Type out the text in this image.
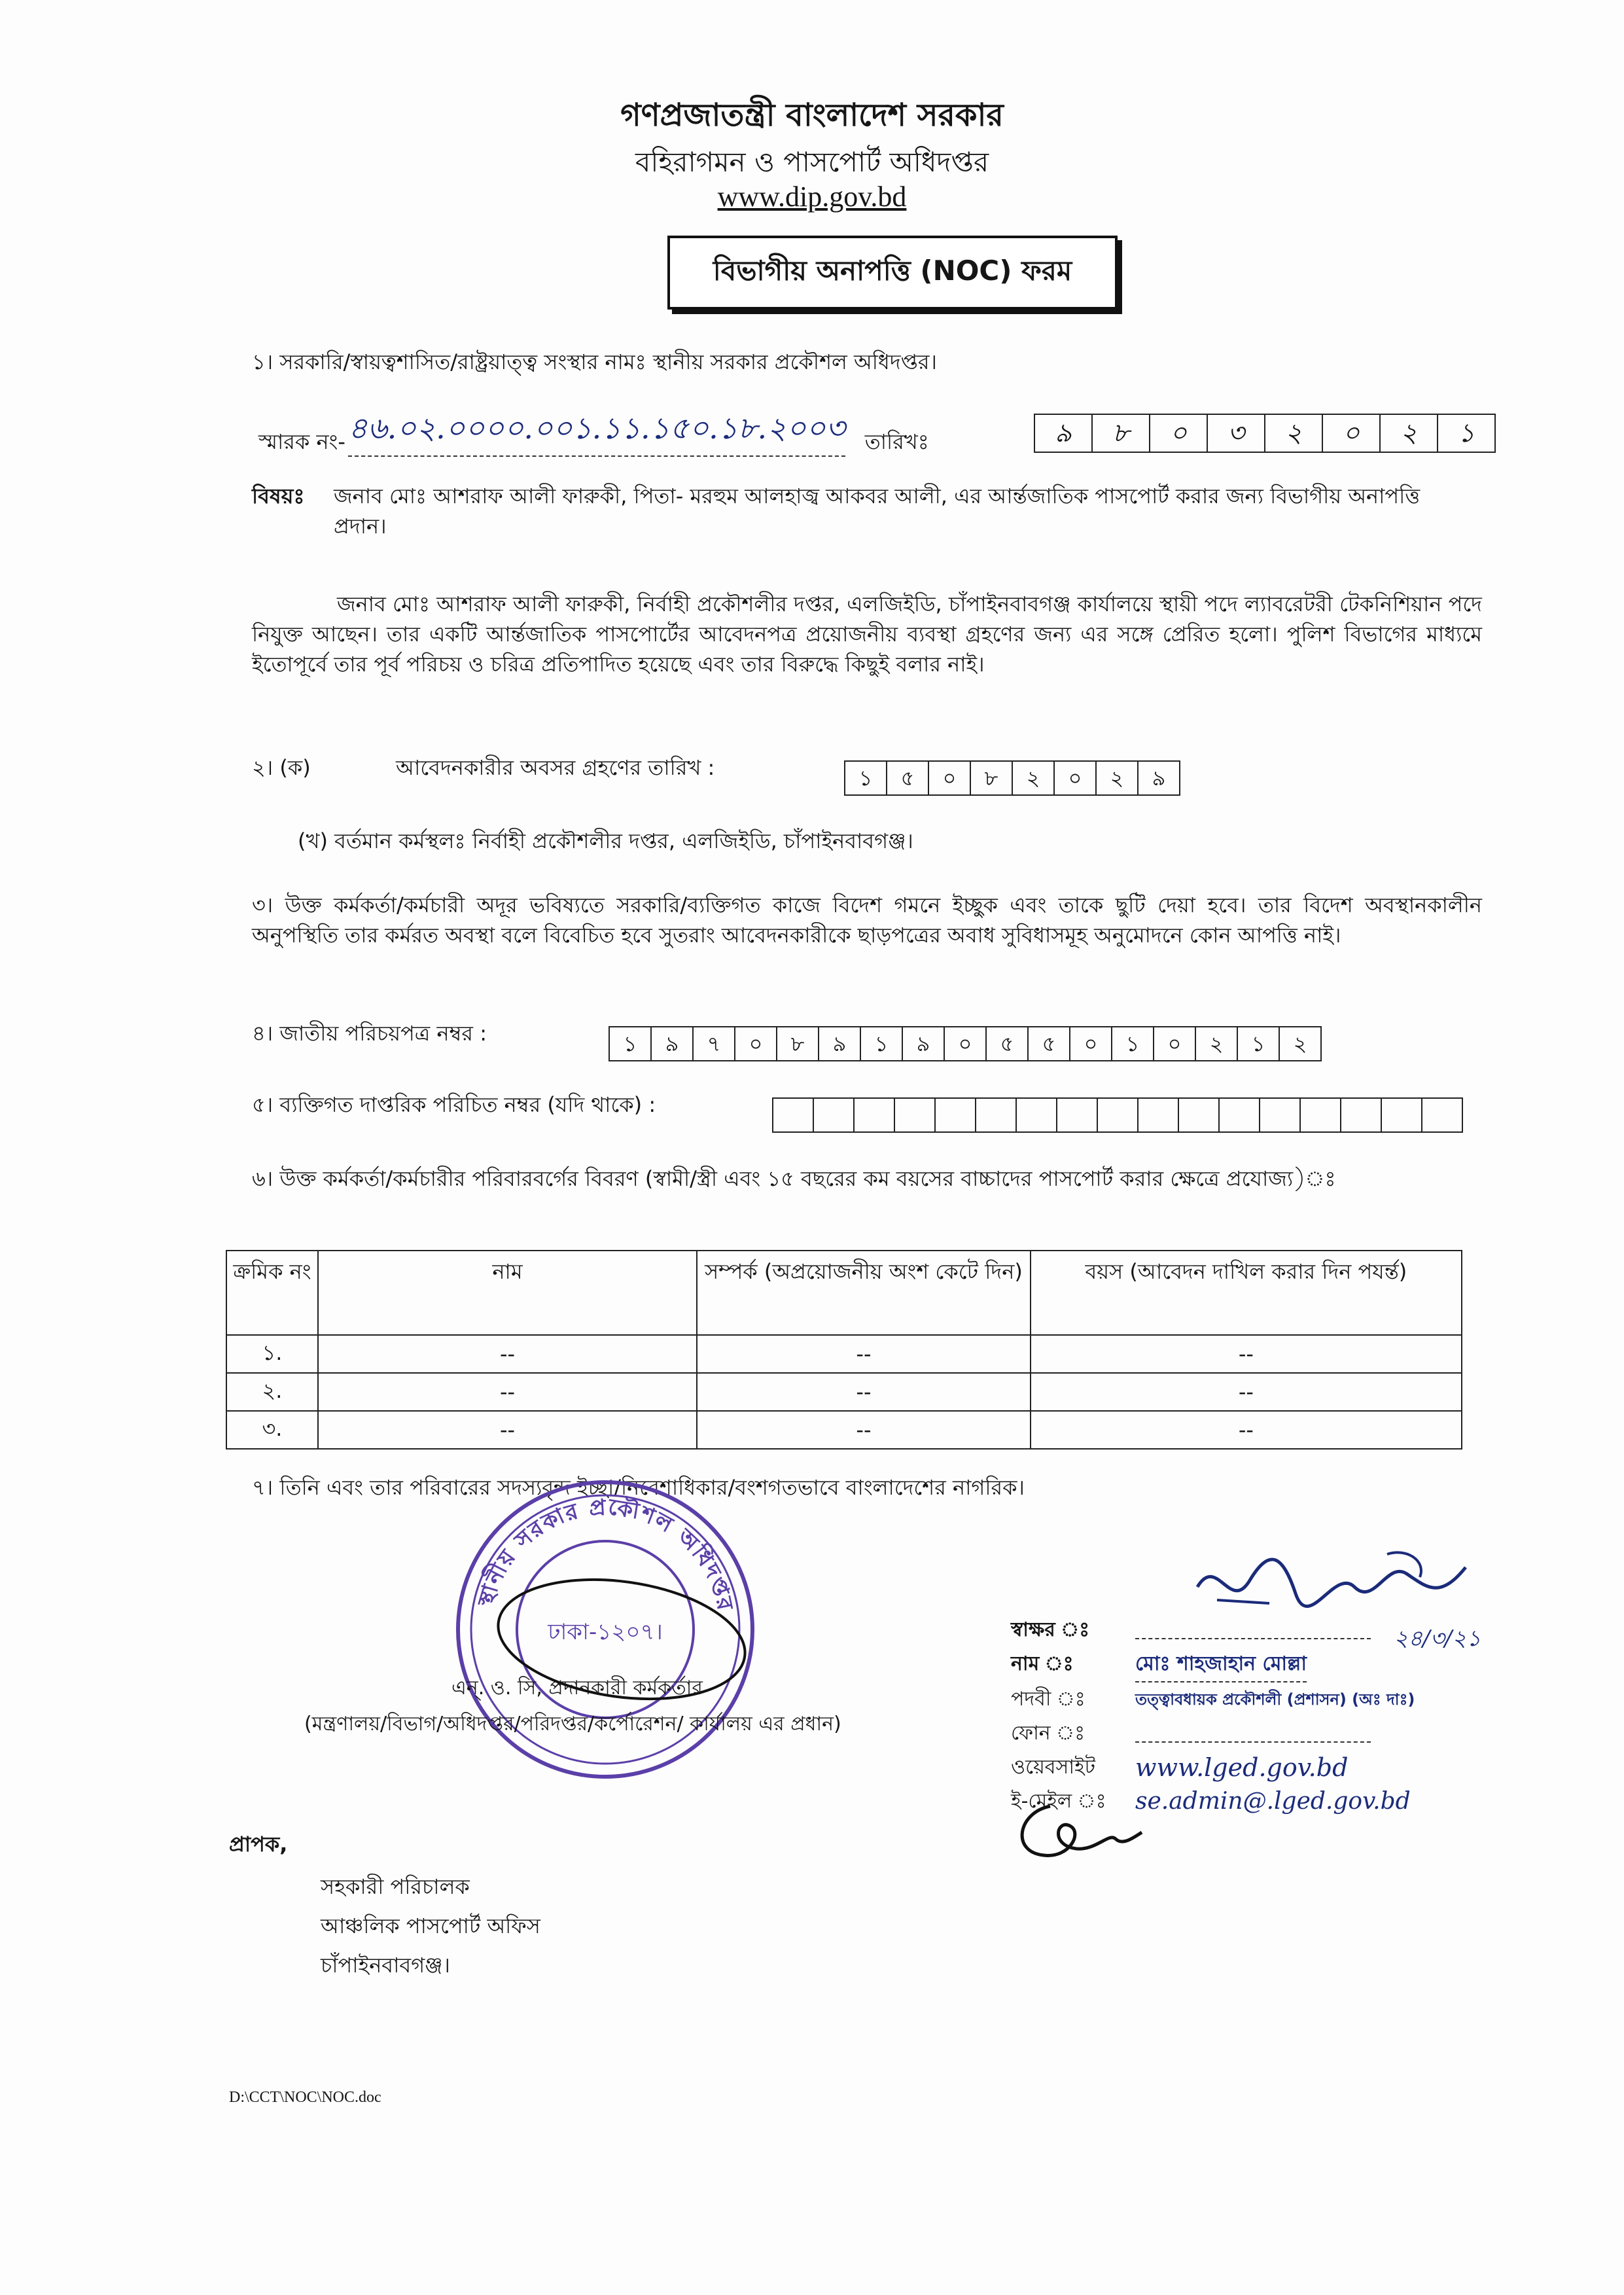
গণপ্রজাতন্ত্রী বাংলাদেশ সরকার
বহিরাগমন ও পাসপোর্ট অধিদপ্তর
www.dip.gov.bd
বিভাগীয় অনাপত্তি (NOC) ফরম
১। সরকারি/স্বায়ত্বশাসিত/রাষ্ট্রয়াত্ত্ব সংস্থার নামঃ স্থানীয় সরকার প্রকৌশল অধিদপ্তর।
স্মারক নং- ৪৬.০২.০০০০.০০১.১১.১৫০.১৮.২০০৩ তারিখঃ	৯	৮	০	৩	২	০	২	১
বিষয়ঃ জনাব মোঃ আশরাফ আলী ফারুকী, পিতা- মরহুম আলহাজ্ব আকবর আলী, এর আর্ন্তজাতিক পাসপোর্ট করার জন্য বিভাগীয় অনাপত্তি প্রদান।
জনাব মোঃ আশরাফ আলী ফারুকী, নির্বাহী প্রকৌশলীর দপ্তর, এলজিইডি, চাঁপাইনবাবগঞ্জ কার্যালয়ে স্থায়ী পদে ল্যাবরেটরী টেকনিশিয়ান পদে নিযুক্ত আছেন। তার একটি আর্ন্তজাতিক পাসপোর্টের আবেদনপত্র প্রয়োজনীয় ব্যবস্থা গ্রহণের জন্য এর সঙ্গে প্রেরিত হলো। পুলিশ বিভাগের মাধ্যমে ইতোপূর্বে তার পূর্ব পরিচয় ও চরিত্র প্রতিপাদিত হয়েছে এবং তার বিরুদ্ধে কিছুই বলার নাই।
২। (ক)	আবেদনকারীর অবসর গ্রহণের তারিখ :	১	৫	০	৮	২	০	২	৯
(খ) বর্তমান কর্মস্থলঃ নির্বাহী প্রকৌশলীর দপ্তর, এলজিইডি, চাঁপাইনবাবগঞ্জ।
৩। উক্ত কর্মকর্তা/কর্মচারী অদূর ভবিষ্যতে সরকারি/ব্যক্তিগত কাজে বিদেশ গমনে ইচ্ছুক এবং তাকে ছুটি দেয়া হবে। তার বিদেশ অবস্থানকালীন অনুপস্থিতি তার কর্মরত অবস্থা বলে বিবেচিত হবে সুতরাং আবেদনকারীকে ছাড়পত্রের অবাধ সুবিধাসমূহ অনুমোদনে কোন আপত্তি নাই।
৪। জাতীয় পরিচয়পত্র নম্বর :	১	৯	৭	০	৮	৯	১	৯	০	৫	৫	০	১	০	২	১	২
৫। ব্যক্তিগত দাপ্তরিক পরিচিত নম্বর (যদি থাকে) :
৬। উক্ত কর্মকর্তা/কর্মচারীর পরিবারবর্গের বিবরণ (স্বামী/স্ত্রী এবং ১৫ বছরের কম বয়সের বাচ্চাদের পাসপোর্ট করার ক্ষেত্রে প্রযোজ্য)ঃ
ক্রমিক নং	নাম	সম্পর্ক (অপ্রয়োজনীয় অংশ কেটে দিন)	বয়স (আবেদন দাখিল করার দিন পযর্ন্ত)
১.	--	--	--
২.	--	--	--
৩.	--	--	--
৭। তিনি এবং তার পরিবারের সদস্যবৃন্দ ইচ্ছা/নিবেশাধিকার/বংশগতভাবে বাংলাদেশের নাগরিক।
স্থানীয় সরকার প্রকৌশল অধিদপ্তর
ঢাকা-১২০৭।
এন্‌. ও. সি, প্রদানকারী কর্মকর্তার
(মন্ত্রণালয়/বিভাগ/অধিদপ্তর/পরিদপ্তর/কর্পোরেশন/ কার্যালয় এর প্রধান)
২৪/৩/২১
স্বাক্ষর ঃ
নাম ঃ	মোঃ শাহজাহান মোল্লা
পদবী ঃ	তত্ত্বাবধায়ক প্রকৌশলী (প্রশাসন) (অঃ দাঃ)
ফোন ঃ
ওয়েবসাইট	www.lged.gov.bd
ই-মেইল ঃ	se.admin@.lged.gov.bd
প্রাপক,
সহকারী পরিচালক
আঞ্চলিক পাসপোর্ট অফিস
চাঁপাইনবাবগঞ্জ।
D:\CCT\NOC\NOC.doc
